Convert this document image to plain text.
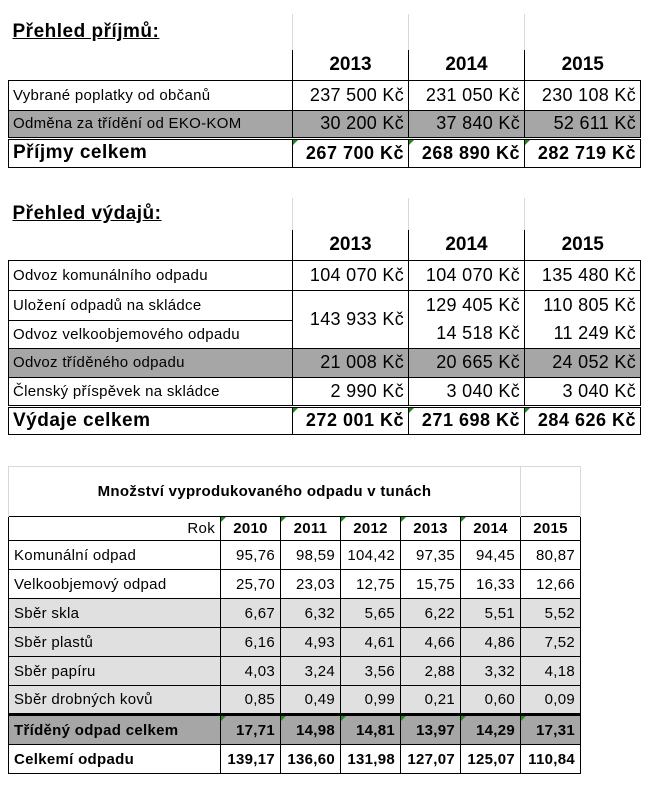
Přehled příjmů:			
	2013	2014	2015
Vybrané poplatky od občanů	237 500 Kč	231 050 Kč	230 108 Kč
Odměna za třídění od EKO-KOM	30 200 Kč	37 840 Kč	52 611 Kč
Příjmy celkem	267 700 Kč	268 890 Kč	282 719 Kč
Přehled výdajů:			
	2013	2014	2015
Odvoz komunálního odpadu	104 070 Kč	104 070 Kč	135 480 Kč
Uložení odpadů na skládce	143 933 Kč	129 405 Kč	110 805 Kč
Odvoz velkoobjemového odpadu		14 518 Kč	11 249 Kč
Odvoz tříděného odpadu	21 008 Kč	20 665 Kč	24 052 Kč
Členský příspěvek na skládce	2 990 Kč	3 040 Kč	3 040 Kč
Výdaje celkem	272 001 Kč	271 698 Kč	284 626 Kč
Množství vyprodukovaného odpadu v tunách						
Rok	2010	2011	2012	2013	2014	2015
Komunální odpad	95,76	98,59	104,42	97,35	94,45	80,87
Velkoobjemový odpad	25,70	23,03	12,75	15,75	16,33	12,66
Sběr skla	6,67	6,32	5,65	6,22	5,51	5,52
Sběr plastů	6,16	4,93	4,61	4,66	4,86	7,52
Sběr papíru	4,03	3,24	3,56	2,88	3,32	4,18
Sběr drobných kovů	0,85	0,49	0,99	0,21	0,60	0,09
Tříděný odpad celkem	17,71	14,98	14,81	13,97	14,29	17,31
Celkemí odpadu	139,17	136,60	131,98	127,07	125,07	110,84
